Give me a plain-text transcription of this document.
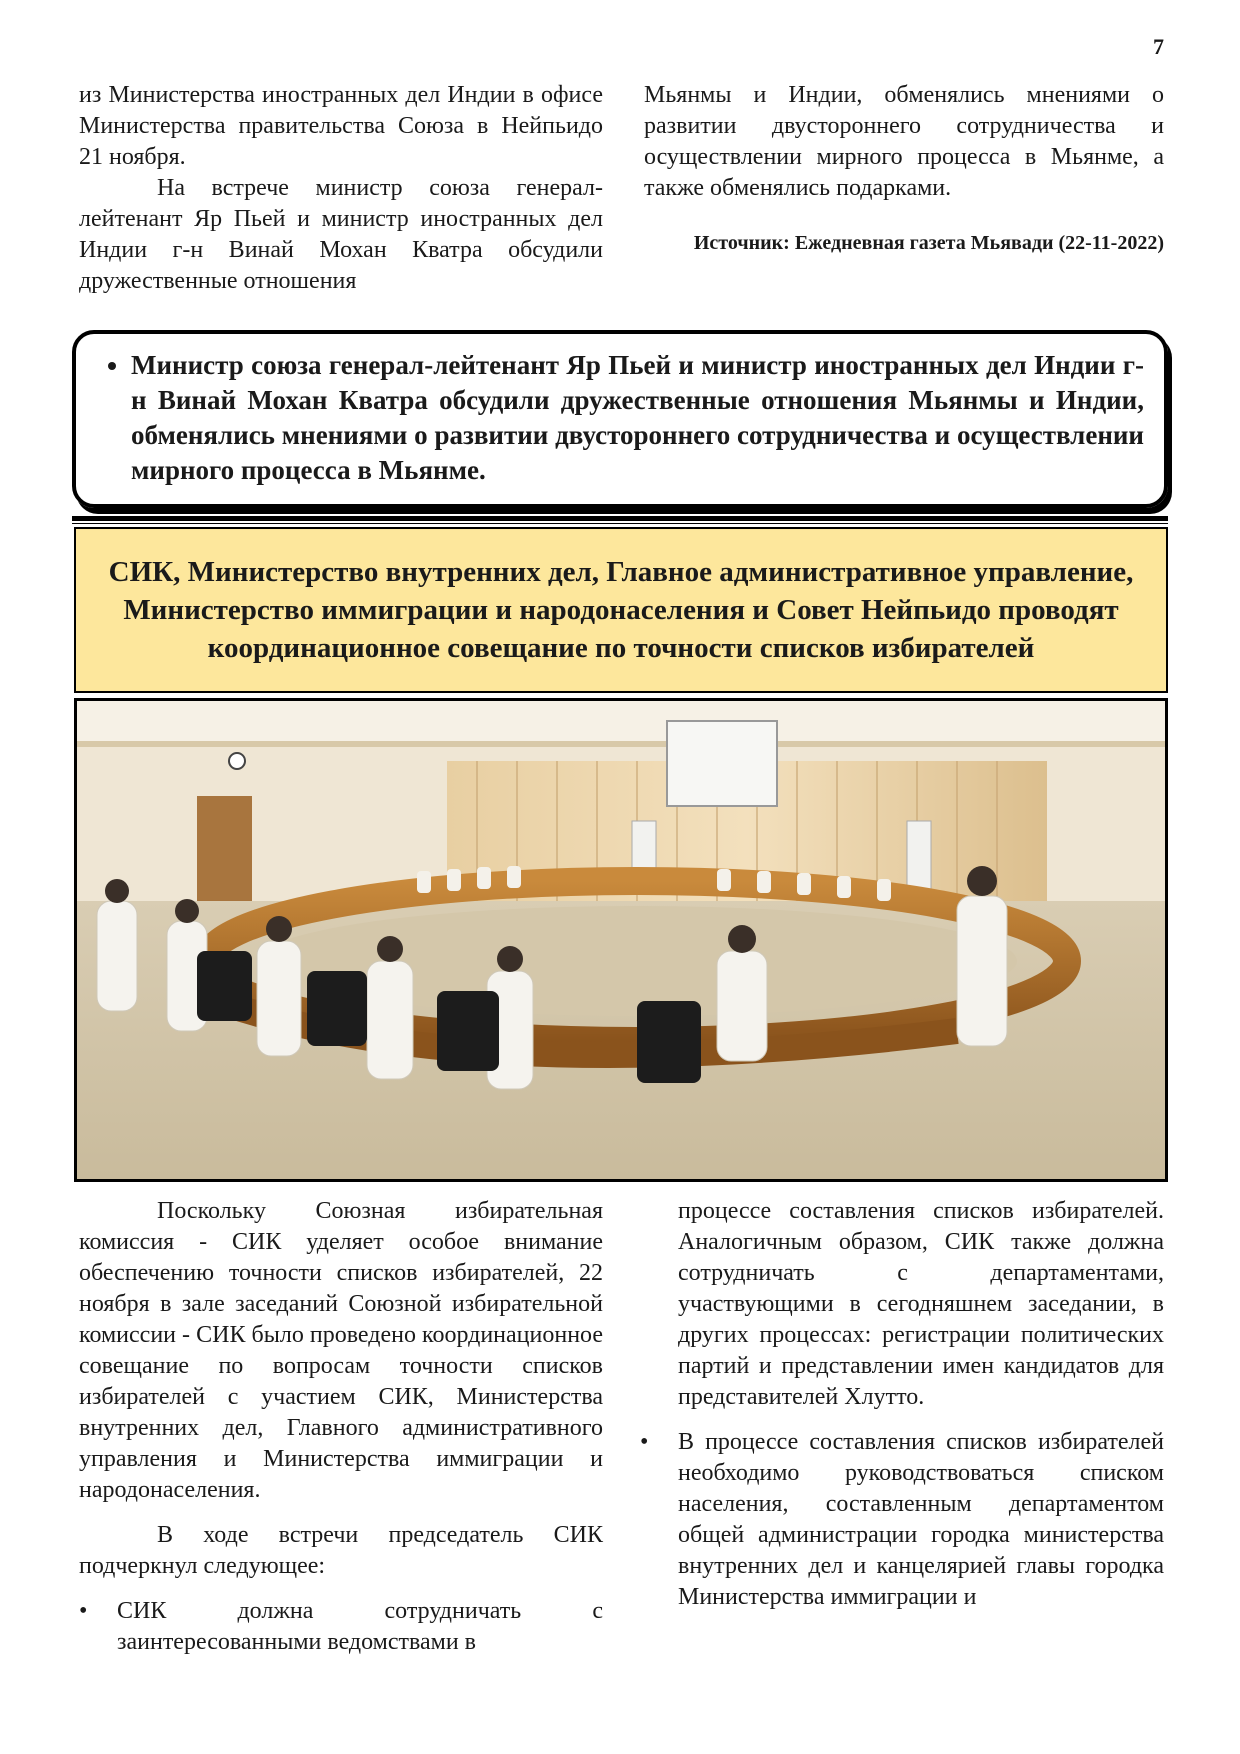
7

из Министерства иностранных дел Индии в офисе Министерства правительства Союза в Нейпьидо 21 ноября.

На встрече министр союза генерал-лейтенант Яр Пьей и министр иностранных дел Индии г-н Винай Мохан Кватра обсудили дружественные отношения

Мьянмы и Индии, обменялись мнениями о развитии двустороннего сотрудничества и осуществлении мирного процесса в Мьянме, а также обменялись подарками.

Источник: Ежедневная газета Мьявади (22-11-2022)

• Министр союза генерал-лейтенант Яр Пьей и министр иностранных дел Индии г-н Винай Мохан Кватра обсудили дружественные отношения Мьянмы и Индии, обменялись мнениями о развитии двустороннего сотрудничества и осуществлении мирного процесса в Мьянме.
СИК, Министерство внутренних дел, Главное административное управление, Министерство иммиграции и народонаселения и Совет Нейпьидо проводят координационное совещание по точности списков избирателей

Поскольку Союзная избирательная комиссия - СИК уделяет особое внимание обеспечению точности списков избирателей, 22 ноября в зале заседаний Союзной избирательной комиссии - СИК было проведено координационное совещание по вопросам точности списков избирателей с участием СИК, Министерства внутренних дел, Главного административного управления и Министерства иммиграции и народонаселения.

В ходе встречи председатель СИК подчеркнул следующее:

• СИК должна сотрудничать с заинтересованными ведомствами в

процессе составления списков избирателей. Аналогичным образом, СИК также должна сотрудничать с департаментами, участвующими в сегодняшнем заседании, в других процессах: регистрации политических партий и представлении имен кандидатов для представителей Хлутто.

• В процессе составления списков избирателей необходимо руководствоваться списком населения, составленным департаментом общей администрации городка министерства внутренних дел и канцелярией главы городка Министерства иммиграции и
